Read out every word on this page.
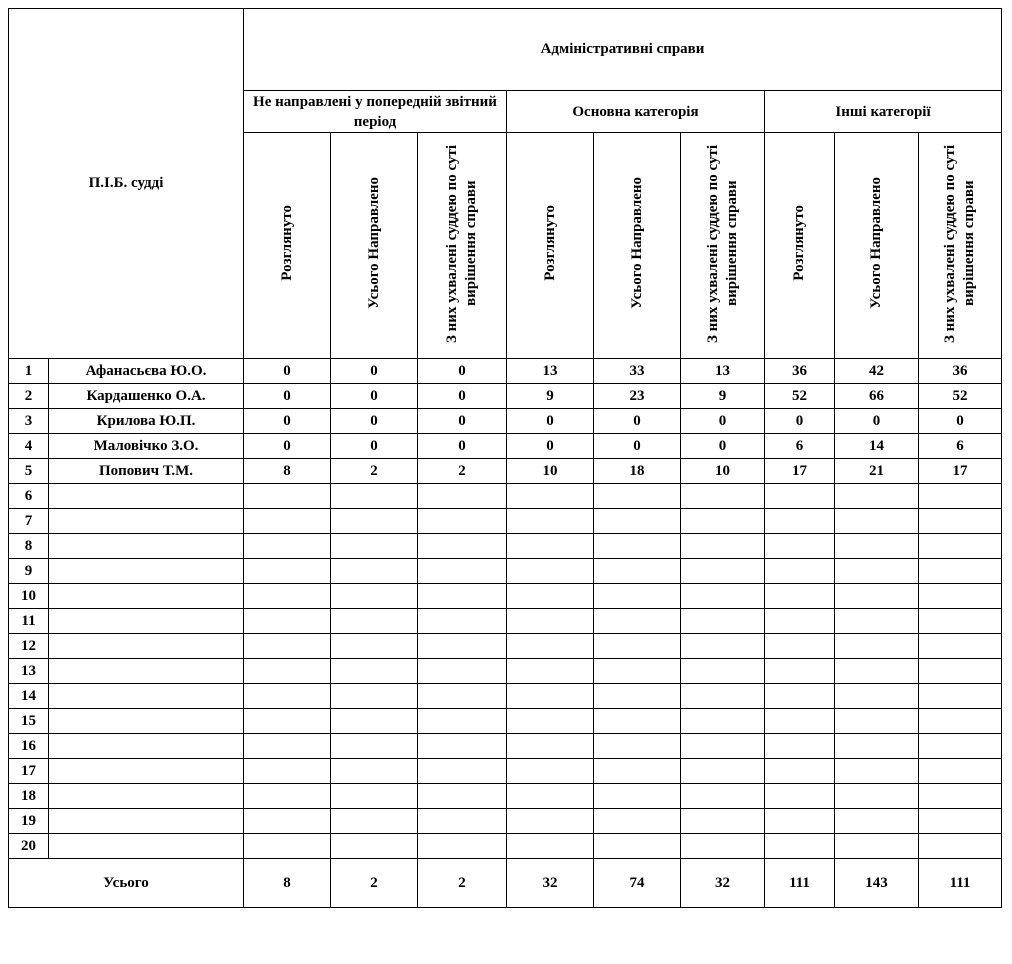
П.І.Б. судді		Адміністративні справи								
		Не направлені у попередній звітний період			Основна категорія			Інші категорії		
		Розглянуто	Усього Направлено	З них ухвалені суддею по суті вирішення справи	Розглянуто	Усього Направлено	З них ухвалені суддею по суті вирішення справи	Розглянуто	Усього Направлено	З них ухвалені суддею по суті вирішення справи
1	Афанасьєва Ю.О.	0	0	0	13	33	13	36	42	36
2	Кардашенко О.А.	0	0	0	9	23	9	52	66	52
3	Крилова Ю.П.	0	0	0	0	0	0	0	0	0
4	Маловічко З.О.	0	0	0	0	0	0	6	14	6
5	Попович Т.М.	8	2	2	10	18	10	17	21	17
6										
7										
8										
9										
10										
11										
12										
13										
14										
15										
16										
17										
18										
19										
20										
Усього		8	2	2	32	74	32	111	143	111
